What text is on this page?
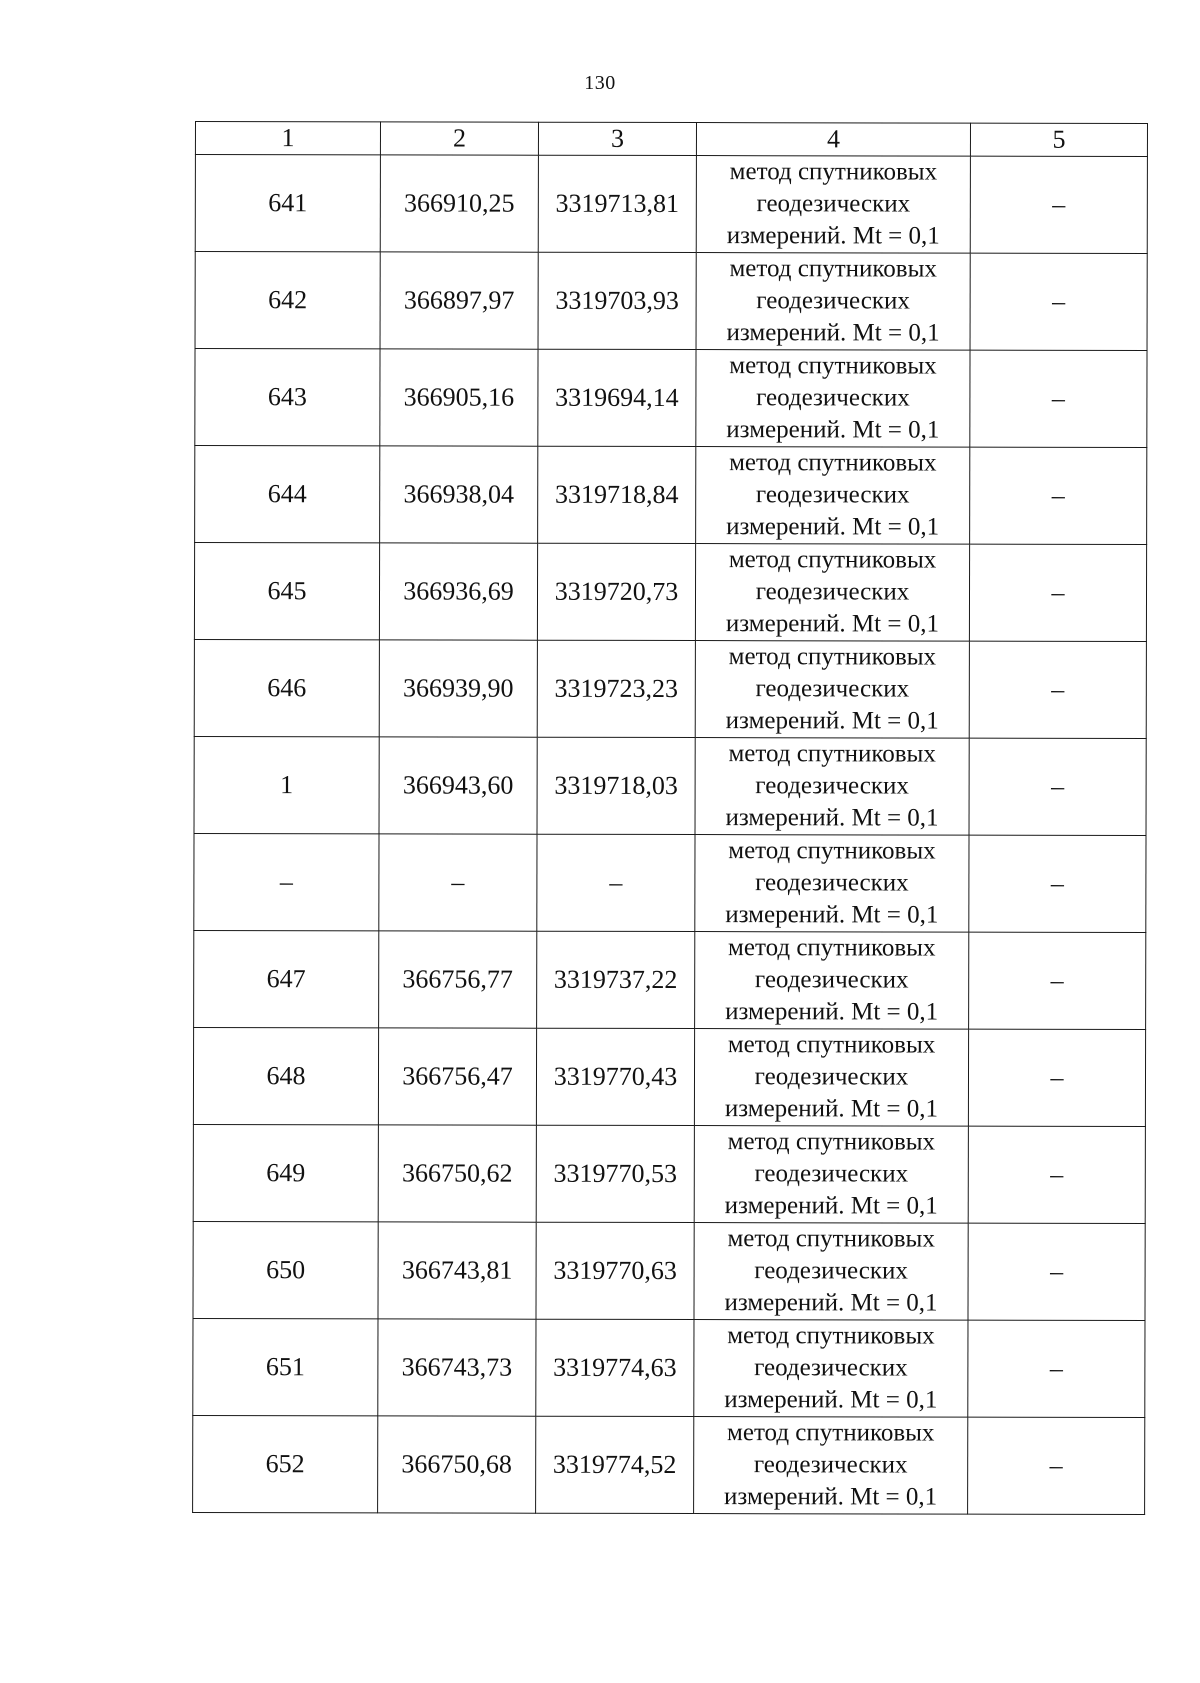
130
1	2	3	4	5
641	366910,25	3319713,81	метод спутниковых
геодезических
измерений. Mt = 0,1	–
642	366897,97	3319703,93	метод спутниковых
геодезических
измерений. Mt = 0,1	–
643	366905,16	3319694,14	метод спутниковых
геодезических
измерений. Mt = 0,1	–
644	366938,04	3319718,84	метод спутниковых
геодезических
измерений. Mt = 0,1	–
645	366936,69	3319720,73	метод спутниковых
геодезических
измерений. Mt = 0,1	–
646	366939,90	3319723,23	метод спутниковых
геодезических
измерений. Mt = 0,1	–
1	366943,60	3319718,03	метод спутниковых
геодезических
измерений. Mt = 0,1	–
–	–	–	метод спутниковых
геодезических
измерений. Mt = 0,1	–
647	366756,77	3319737,22	метод спутниковых
геодезических
измерений. Mt = 0,1	–
648	366756,47	3319770,43	метод спутниковых
геодезических
измерений. Mt = 0,1	–
649	366750,62	3319770,53	метод спутниковых
геодезических
измерений. Mt = 0,1	–
650	366743,81	3319770,63	метод спутниковых
геодезических
измерений. Mt = 0,1	–
651	366743,73	3319774,63	метод спутниковых
геодезических
измерений. Mt = 0,1	–
652	366750,68	3319774,52	метод спутниковых
геодезических
измерений. Mt = 0,1	–
